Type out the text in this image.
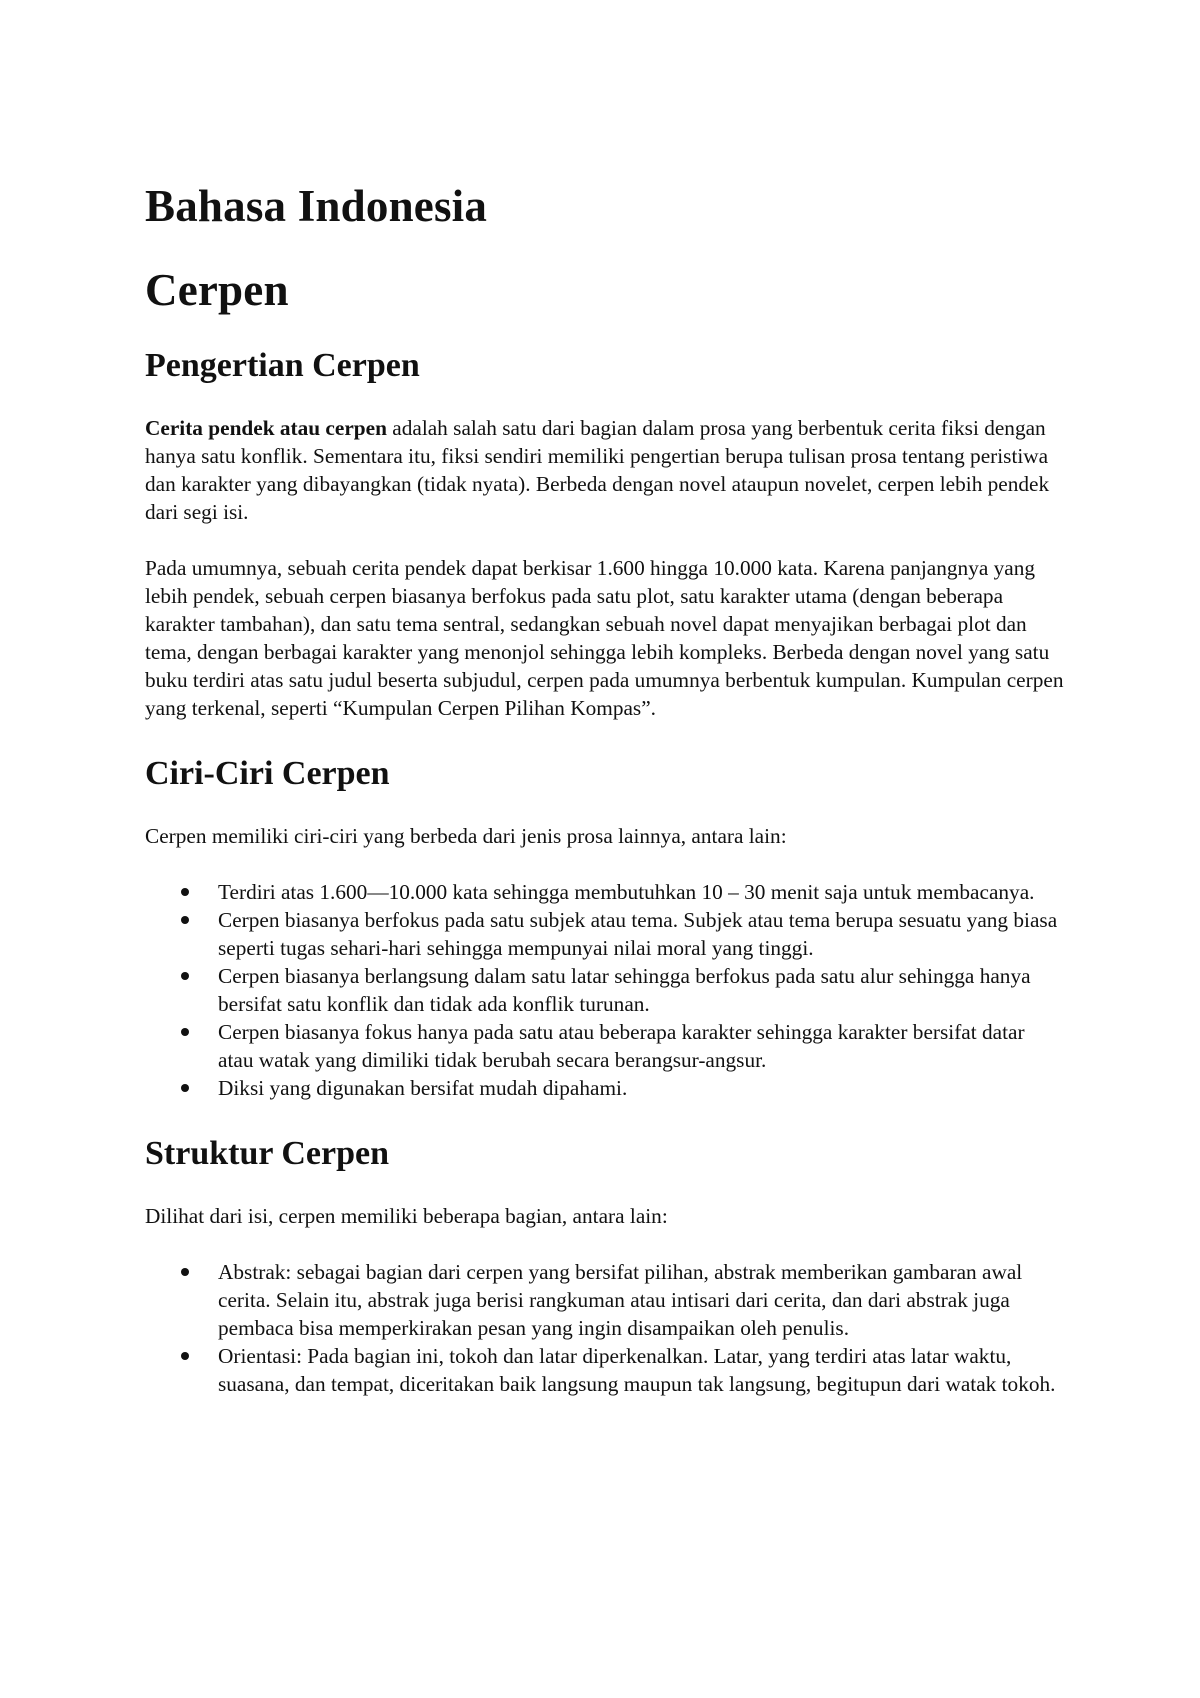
Bahasa Indonesia
Cerpen
Pengertian Cerpen

Cerita pendek atau cerpen adalah salah satu dari bagian dalam prosa yang berbentuk cerita fiksi dengan hanya satu konflik. Sementara itu, fiksi sendiri memiliki pengertian berupa tulisan prosa tentang peristiwa dan karakter yang dibayangkan (tidak nyata). Berbeda dengan novel ataupun novelet, cerpen lebih pendek dari segi isi.

Pada umumnya, sebuah cerita pendek dapat berkisar 1.600 hingga 10.000 kata. Karena panjangnya yang lebih pendek, sebuah cerpen biasanya berfokus pada satu plot, satu karakter utama (dengan beberapa karakter tambahan), dan satu tema sentral, sedangkan sebuah novel dapat menyajikan berbagai plot dan tema, dengan berbagai karakter yang menonjol sehingga lebih kompleks. Berbeda dengan novel yang satu buku terdiri atas satu judul beserta subjudul, cerpen pada umumnya berbentuk kumpulan. Kumpulan cerpen yang terkenal, seperti “Kumpulan Cerpen Pilihan Kompas”.

Ciri-Ciri Cerpen

Cerpen memiliki ciri-ciri yang berbeda dari jenis prosa lainnya, antara lain:

Terdiri atas 1.600—10.000 kata sehingga membutuhkan 10 – 30 menit saja untuk membacanya.
Cerpen biasanya berfokus pada satu subjek atau tema. Subjek atau tema berupa sesuatu yang biasa seperti tugas sehari-hari sehingga mempunyai nilai moral yang tinggi.
Cerpen biasanya berlangsung dalam satu latar sehingga berfokus pada satu alur sehingga hanya bersifat satu konflik dan tidak ada konflik turunan.
Cerpen biasanya fokus hanya pada satu atau beberapa karakter sehingga karakter bersifat datar atau watak yang dimiliki tidak berubah secara berangsur-angsur.
Diksi yang digunakan bersifat mudah dipahami.
Struktur Cerpen

Dilihat dari isi, cerpen memiliki beberapa bagian, antara lain:

Abstrak: sebagai bagian dari cerpen yang bersifat pilihan, abstrak memberikan gambaran awal cerita. Selain itu, abstrak juga berisi rangkuman atau intisari dari cerita, dan dari abstrak juga pembaca bisa memperkirakan pesan yang ingin disampaikan oleh penulis.
Orientasi: Pada bagian ini, tokoh dan latar diperkenalkan. Latar, yang terdiri atas latar waktu, suasana, dan tempat, diceritakan baik langsung maupun tak langsung, begitupun dari watak tokoh.
